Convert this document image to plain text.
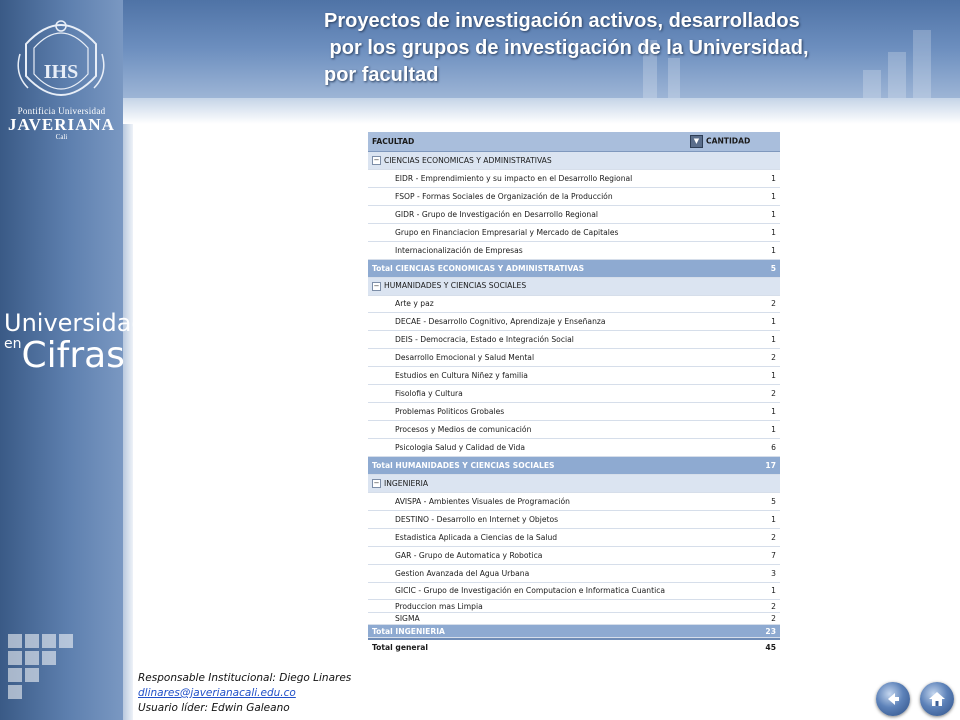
IHS
Pontificia Universidad
JAVERIANA
Cali
Universidad
enCifras
Proyectos de investigación activos, desarrollados
por los grupos de investigación de la Universidad,
por facultad
FACULTAD	▼ CANTIDAD
− CIENCIAS ECONOMICAS Y ADMINISTRATIVAS
EIDR - Emprendimiento y su impacto en el Desarrollo Regional	1
FSOP - Formas Sociales de Organización de la Producción	1
GIDR - Grupo de Investigación en Desarrollo Regional	1
Grupo en Financiacion Empresarial y Mercado de Capitales	1
Internacionalización de Empresas	1
Total CIENCIAS ECONOMICAS Y ADMINISTRATIVAS	5
− HUMANIDADES Y CIENCIAS SOCIALES
Arte y paz	2
DECAE - Desarrollo Cognitivo, Aprendizaje y Enseñanza	1
DEIS - Democracia, Estado e Integración Social	1
Desarrollo Emocional y Salud Mental	2
Estudios en Cultura Niñez y familia	1
Fisolofia y Cultura	2
Problemas Politicos Grobales	1
Procesos y Medios de comunicación	1
Psicologia Salud y Calidad de Vida	6
Total HUMANIDADES Y CIENCIAS SOCIALES	17
− INGENIERIA
AVISPA - Ambientes Visuales de Programación	5
DESTINO - Desarrollo en Internet y Objetos	1
Estadistica Aplicada a Ciencias de la Salud	2
GAR - Grupo de Automatica y Robotica	7
Gestion Avanzada del Agua Urbana	3
GICIC - Grupo de Investigación en Computacion e Informatica Cuantica	1
Produccion mas Limpia	2
SIGMA	2
Total INGENIERIA	23
Total general	45
Responsable Institucional: Diego Linares
dlinares@javerianacali.edu.co
Usuario líder: Edwin Galeano
